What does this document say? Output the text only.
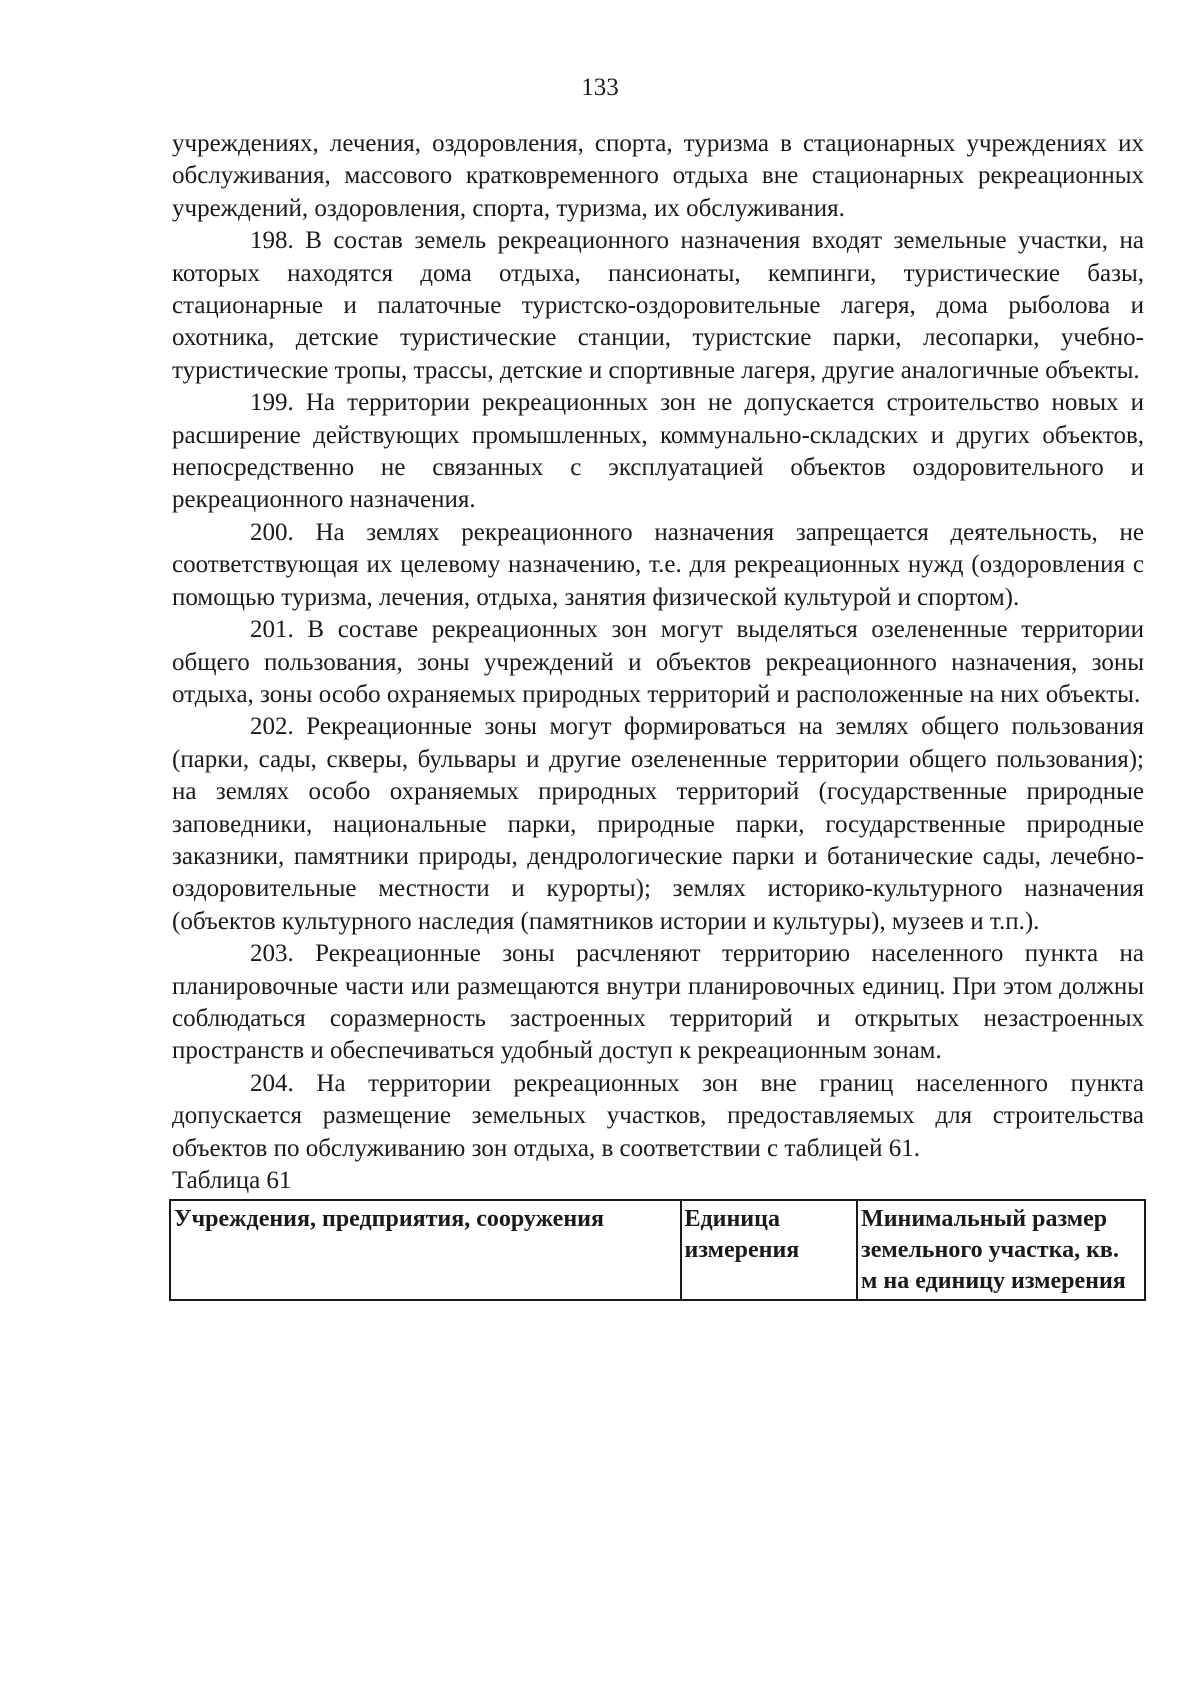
133

учреждениях, лечения, оздоровления, спорта, туризма в стационарных учреждениях их обслуживания, массового кратковременного отдыха вне стационарных рекреационных учреждений, оздоровления, спорта, туризма, их обслуживания.

198. В состав земель рекреационного назначения входят земельные участки, на которых находятся дома отдыха, пансионаты, кемпинги, туристические базы, стационарные и палаточные туристско-оздоровительные лагеря, дома рыболова и охотника, детские туристические станции, туристские парки, лесопарки, учебно-туристические тропы, трассы, детские и спортивные лагеря, другие аналогичные объекты.

199. На территории рекреационных зон не допускается строительство новых и расширение действующих промышленных, коммунально-складских и других объектов, непосредственно не связанных с эксплуатацией объектов оздоровительного и рекреационного назначения.

200. На землях рекреационного назначения запрещается деятельность, не соответствующая их целевому назначению, т.е. для рекреационных нужд (оздоровления с помощью туризма, лечения, отдыха, занятия физической культурой и спортом).

201. В составе рекреационных зон могут выделяться озелененные территории общего пользования, зоны учреждений и объектов рекреационного назначения, зоны отдыха, зоны особо охраняемых природных территорий и расположенные на них объекты.

202. Рекреационные зоны могут формироваться на землях общего пользования (парки, сады, скверы, бульвары и другие озелененные территории общего пользования); на землях особо охраняемых природных территорий (государственные природные заповедники, национальные парки, природные парки, государственные природные заказники, памятники природы, дендрологические парки и ботанические сады, лечебно-оздоровительные местности и курорты); землях историко-культурного назначения (объектов культурного наследия (памятников истории и культуры), музеев и т.п.).

203. Рекреационные зоны расчленяют территорию населенного пункта на планировочные части или размещаются внутри планировочных единиц. При этом должны соблюдаться соразмерность застроенных территорий и открытых незастроенных пространств и обеспечиваться удобный доступ к рекреационным зонам.

204. На территории рекреационных зон вне границ населенного пункта допускается размещение земельных участков, предоставляемых для строительства объектов по обслуживанию зон отдыха, в соответствии с таблицей 61.

Таблица 61

Учреждения, предприятия, сооружения	Единица измерения	Минимальный размер земельного участка, кв. м на единицу измерения
